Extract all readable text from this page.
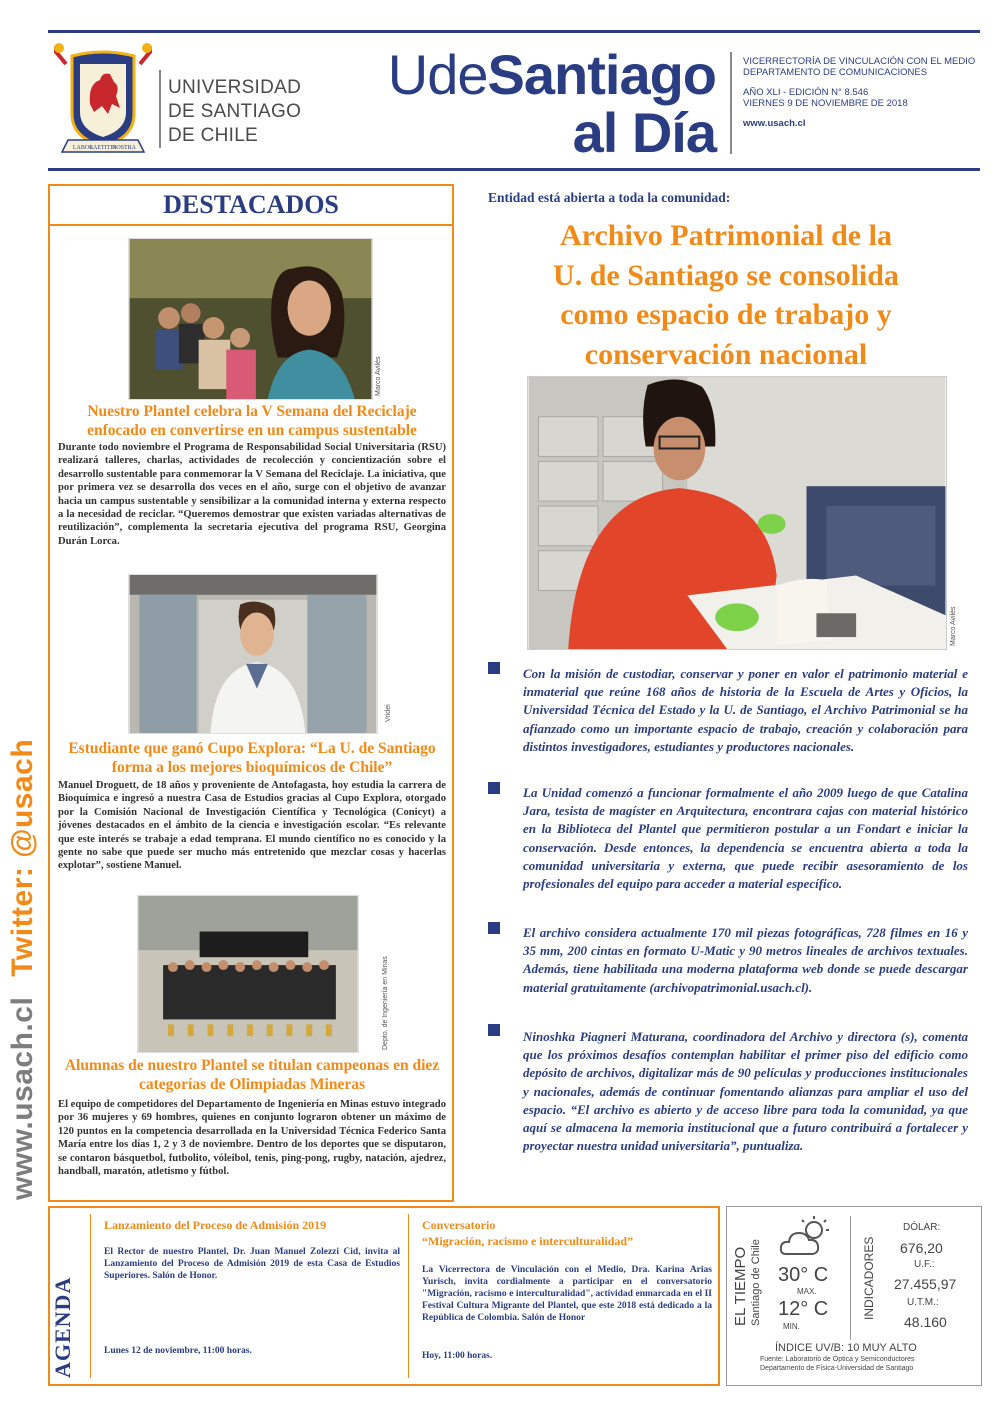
LABOR
LAETITIA
NOSTRA
UNIVERSIDAD
DE SANTIAGO
DE CHILE
UdeSantiago
al Día
VICERRECTORÍA DE VINCULACIÓN CON EL MEDIO
DEPARTAMENTO DE COMUNICACIONES
AÑO XLI - EDICIÓN N° 8.546
VIERNES 9 DE NOVIEMBRE DE 2018
www.usach.cl
www.usach.clTwitter: @usach
DESTACADOS
Marco Avilés
Nuestro Plantel celebra la V Semana del Reciclaje enfocado en convertirse en un campus sustentable
Durante todo noviembre el Programa de Responsabilidad Social Universitaria (RSU) realizará talleres, charlas, actividades de recolección y concientización sobre el desarrollo sustentable para conmemorar la V Semana del Reciclaje. La iniciativa, que por primera vez se desarrolla dos veces en el año, surge con el objetivo de avanzar hacia un campus sustentable y sensibilizar a la comunidad interna y externa respecto a la necesidad de reciclar. “Queremos demostrar que existen variadas alternativas de reutilización”, complementa la secretaria ejecutiva del programa RSU, Georgina Durán Lorca.
Vridei
Estudiante que ganó Cupo Explora: “La U. de Santiago forma a los mejores bioquímicos de Chile”
Manuel Droguett, de 18 años y proveniente de Antofagasta, hoy estudia la carrera de Bioquímica e ingresó a nuestra Casa de Estudios gracias al Cupo Explora, otorgado por la Comisión Nacional de Investigación Científica y Tecnológica (Conicyt) a jóvenes destacados en el ámbito de la ciencia e investigación escolar. “Es relevante que este interés se trabaje a edad temprana. El mundo científico no es conocido y la gente no sabe que puede ser mucho más entretenido que mezclar cosas y hacerlas explotar”, sostiene Manuel.
Depto. de Ingeniería en Minas
Alumnas de nuestro Plantel se titulan campeonas en diez categorías de Olimpiadas Mineras
El equipo de competidores del Departamento de Ingeniería en Minas estuvo integrado por 36 mujeres y 69 hombres, quienes en conjunto lograron obtener un máximo de 120 puntos en la competencia desarrollada en la Universidad Técnica Federico Santa María entre los días 1, 2 y 3 de noviembre. Dentro de los deportes que se disputaron, se contaron básquetbol, futbolito, vóleibol, tenis, ping-pong, rugby, natación, ajedrez, handball, maratón, atletismo y fútbol.
Entidad está abierta a toda la comunidad:
Archivo Patrimonial de la
U. de Santiago se consolida
como espacio de trabajo y
conservación nacional
Marco Avilés
Con la misión de custodiar, conservar y poner en valor el patrimonio material e inmaterial que reúne 168 años de historia de la Escuela de Artes y Oficios, la Universidad Técnica del Estado y la U. de Santiago, el Archivo Patrimonial se ha afianzado como un importante espacio de trabajo, creación y colaboración para distintos investigadores, estudiantes y productores nacionales.
La Unidad comenzó a funcionar formalmente el año 2009 luego de que Catalina Jara, tesista de magíster en Arquitectura, encontrara cajas con material histórico en la Biblioteca del Plantel que permitieron postular a un Fondart e iniciar la conservación. Desde entonces, la dependencia se encuentra abierta a toda la comunidad universitaria y externa, que puede recibir asesoramiento de los profesionales del equipo para acceder a material específico.
El archivo considera actualmente 170 mil piezas fotográficas, 728 filmes en 16 y 35 mm, 200 cintas en formato U-Matic y 90 metros lineales de archivos textuales. Además, tiene habilitada una moderna plataforma web donde se puede descargar material gratuitamente (archivopatrimonial.usach.cl).
Ninoshka Piagneri Maturana, coordinadora del Archivo y directora (s), comenta que los próximos desafíos contemplan habilitar el primer piso del edificio como depósito de archivos, digitalizar más de 90 películas y producciones institucionales y nacionales, además de continuar fomentando alianzas para ampliar el uso del espacio. “El archivo es abierto y de acceso libre para toda la comunidad, ya que aquí se almacena la memoria institucional que a futuro contribuirá a fortalecer y proyectar nuestra unidad universitaria”, puntualiza.
AGENDA
Lanzamiento del Proceso de Admisión 2019
El Rector de nuestro Plantel, Dr. Juan Manuel Zolezzi Cid, invita al Lanzamiento del Proceso de Admisión 2019 de esta Casa de Estudios Superiores. Salón de Honor.
Lunes 12 de noviembre, 11:00 horas.
Conversatorio
“Migración, racismo e interculturalidad”
La Vicerrectora de Vinculación con el Medio, Dra. Karina Arias Yurisch, invita cordialmente a participar en el conversatorio "Migración, racismo e interculturalidad", actividad enmarcada en el II Festival Cultura Migrante del Plantel, que este 2018 está dedicado a la República de Colombia. Salón de Honor
Hoy, 11:00 horas.
EL TIEMPO Santiago de Chile 30° C
MAX.
12° C
MIN.
INDICADORES
DÓLAR:
676,20
U.F.:
27.455,97
U.T.M.:
48.160
ÍNDICE UV/B: 10 MUY ALTO
Fuente: Laboratorio de Óptica y Semiconductores
Departamento de Física-Universidad de Santiago
